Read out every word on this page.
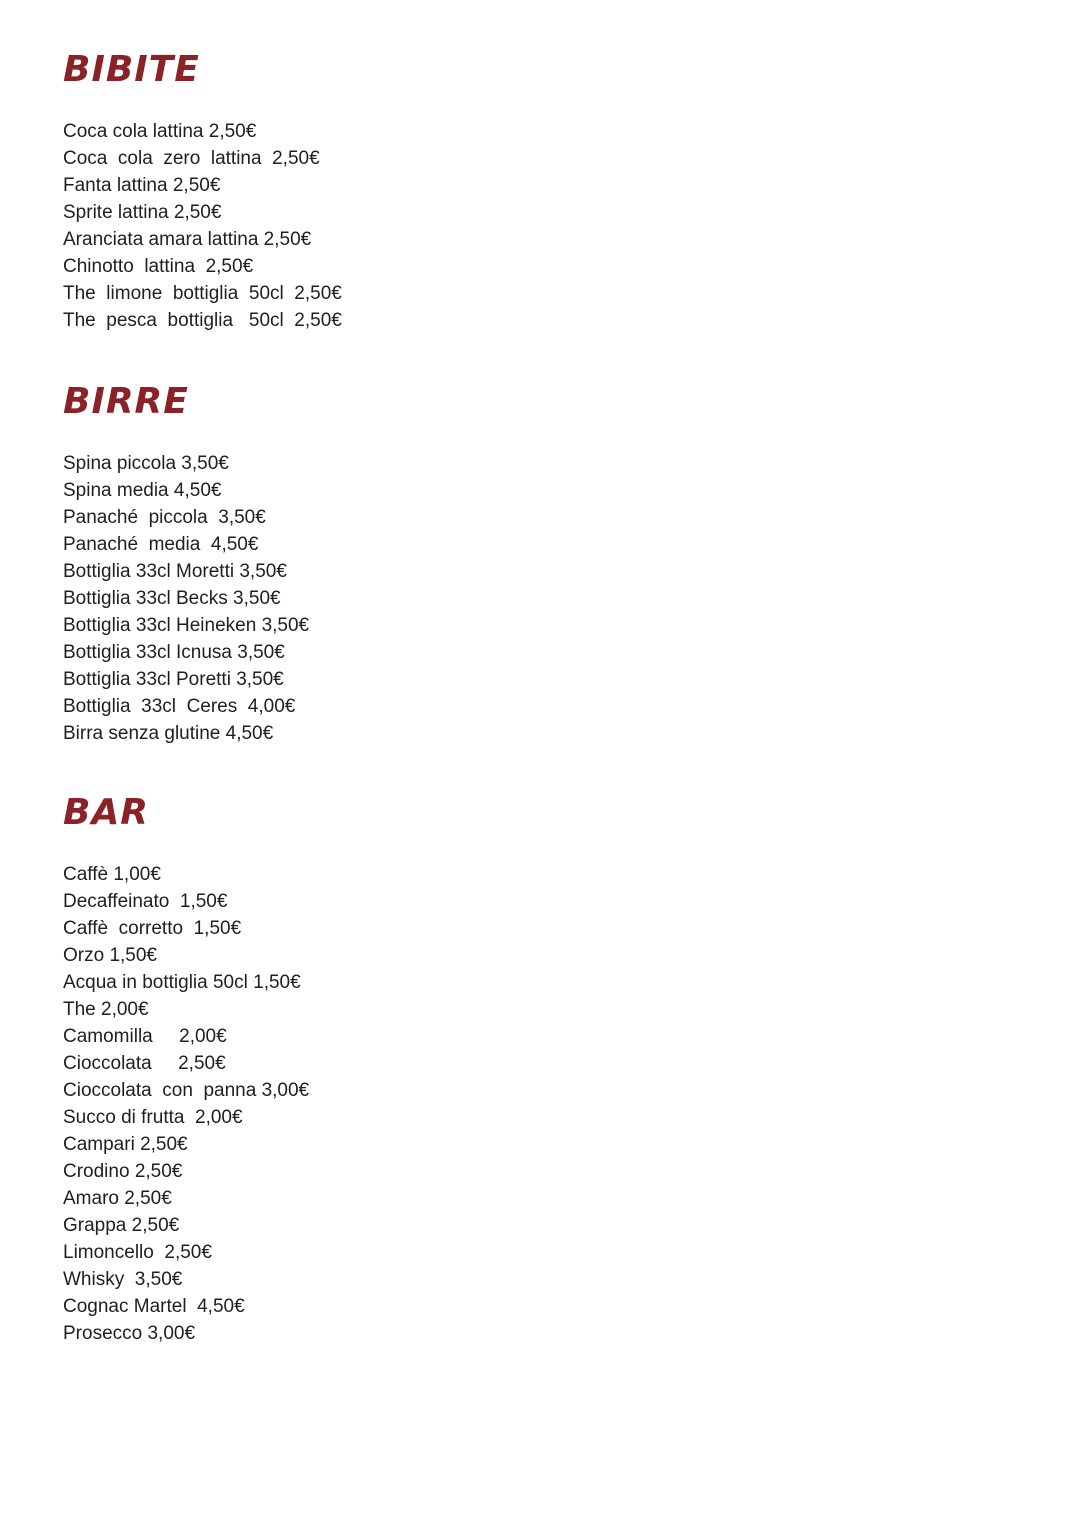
BIBITE
Coca cola lattina 2,50€
Coca  cola  zero  lattina  2,50€
Fanta lattina 2,50€
Sprite lattina 2,50€
Aranciata amara lattina 2,50€
Chinotto  lattina  2,50€
The  limone  bottiglia  50cl  2,50€
The  pesca  bottiglia   50cl  2,50€
BIRRE
Spina piccola 3,50€
Spina media 4,50€
Panaché  piccola  3,50€
Panaché  media  4,50€
Bottiglia 33cl Moretti 3,50€
Bottiglia 33cl Becks 3,50€
Bottiglia 33cl Heineken 3,50€
Bottiglia 33cl Icnusa 3,50€
Bottiglia 33cl Poretti 3,50€
Bottiglia  33cl  Ceres  4,00€
Birra senza glutine 4,50€
BAR
Caffè 1,00€
Decaffeinato  1,50€
Caffè  corretto  1,50€
Orzo 1,50€
Acqua in bottiglia 50cl 1,50€
The 2,00€
Camomilla     2,00€
Cioccolata     2,50€
Cioccolata  con  panna 3,00€
Succo di frutta  2,00€
Campari 2,50€
Crodino 2,50€
Amaro 2,50€
Grappa 2,50€
Limoncello  2,50€
Whisky  3,50€
Cognac Martel  4,50€
Prosecco 3,00€
